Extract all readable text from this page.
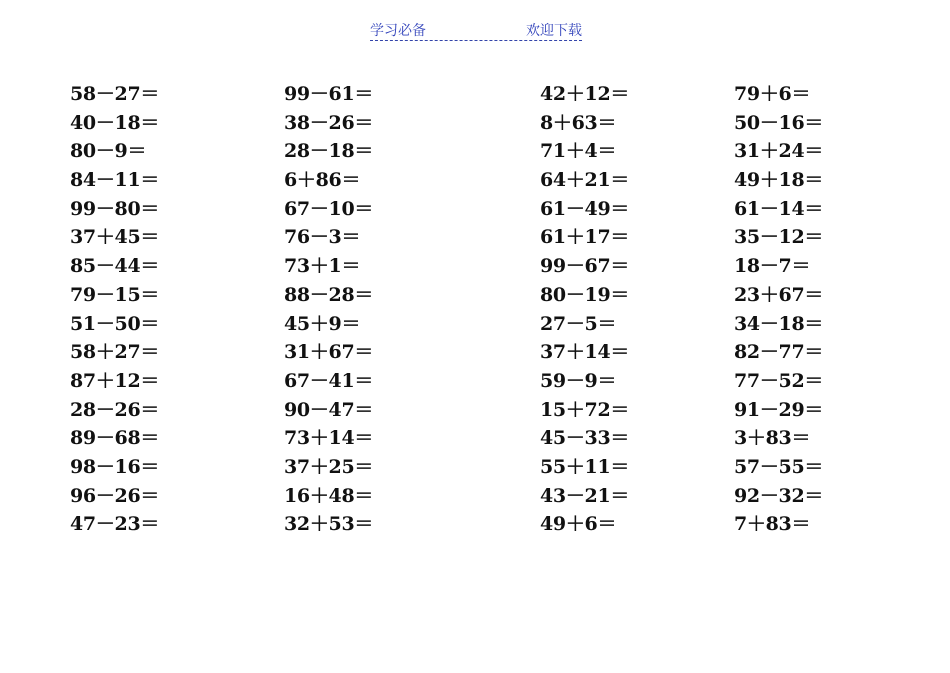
学习必备	欢迎下载
58－27＝
40－18＝
80－9＝
84－11＝
99－80＝
37＋45＝
85－44＝
79－15＝
51－50＝
58＋27＝
87＋12＝
28－26＝
89－68＝
98－16＝
96－26＝
47－23＝
99－61＝
38－26＝
28－18＝
6＋86＝
67－10＝
76－3＝
73＋1＝
88－28＝
45＋9＝
31＋67＝
67－41＝
90－47＝
73＋14＝
37＋25＝
16＋48＝
32＋53＝
42＋12＝
8＋63＝
71＋4＝
64＋21＝
61－49＝
61＋17＝
99－67＝
80－19＝
27－5＝
37＋14＝
59－9＝
15＋72＝
45－33＝
55＋11＝
43－21＝
49＋6＝
79＋6＝
50－16＝
31＋24＝
49＋18＝
61－14＝
35－12＝
18－7＝
23＋67＝
34－18＝
82－77＝
77－52＝
91－29＝
3＋83＝
57－55＝
92－32＝
7＋83＝
